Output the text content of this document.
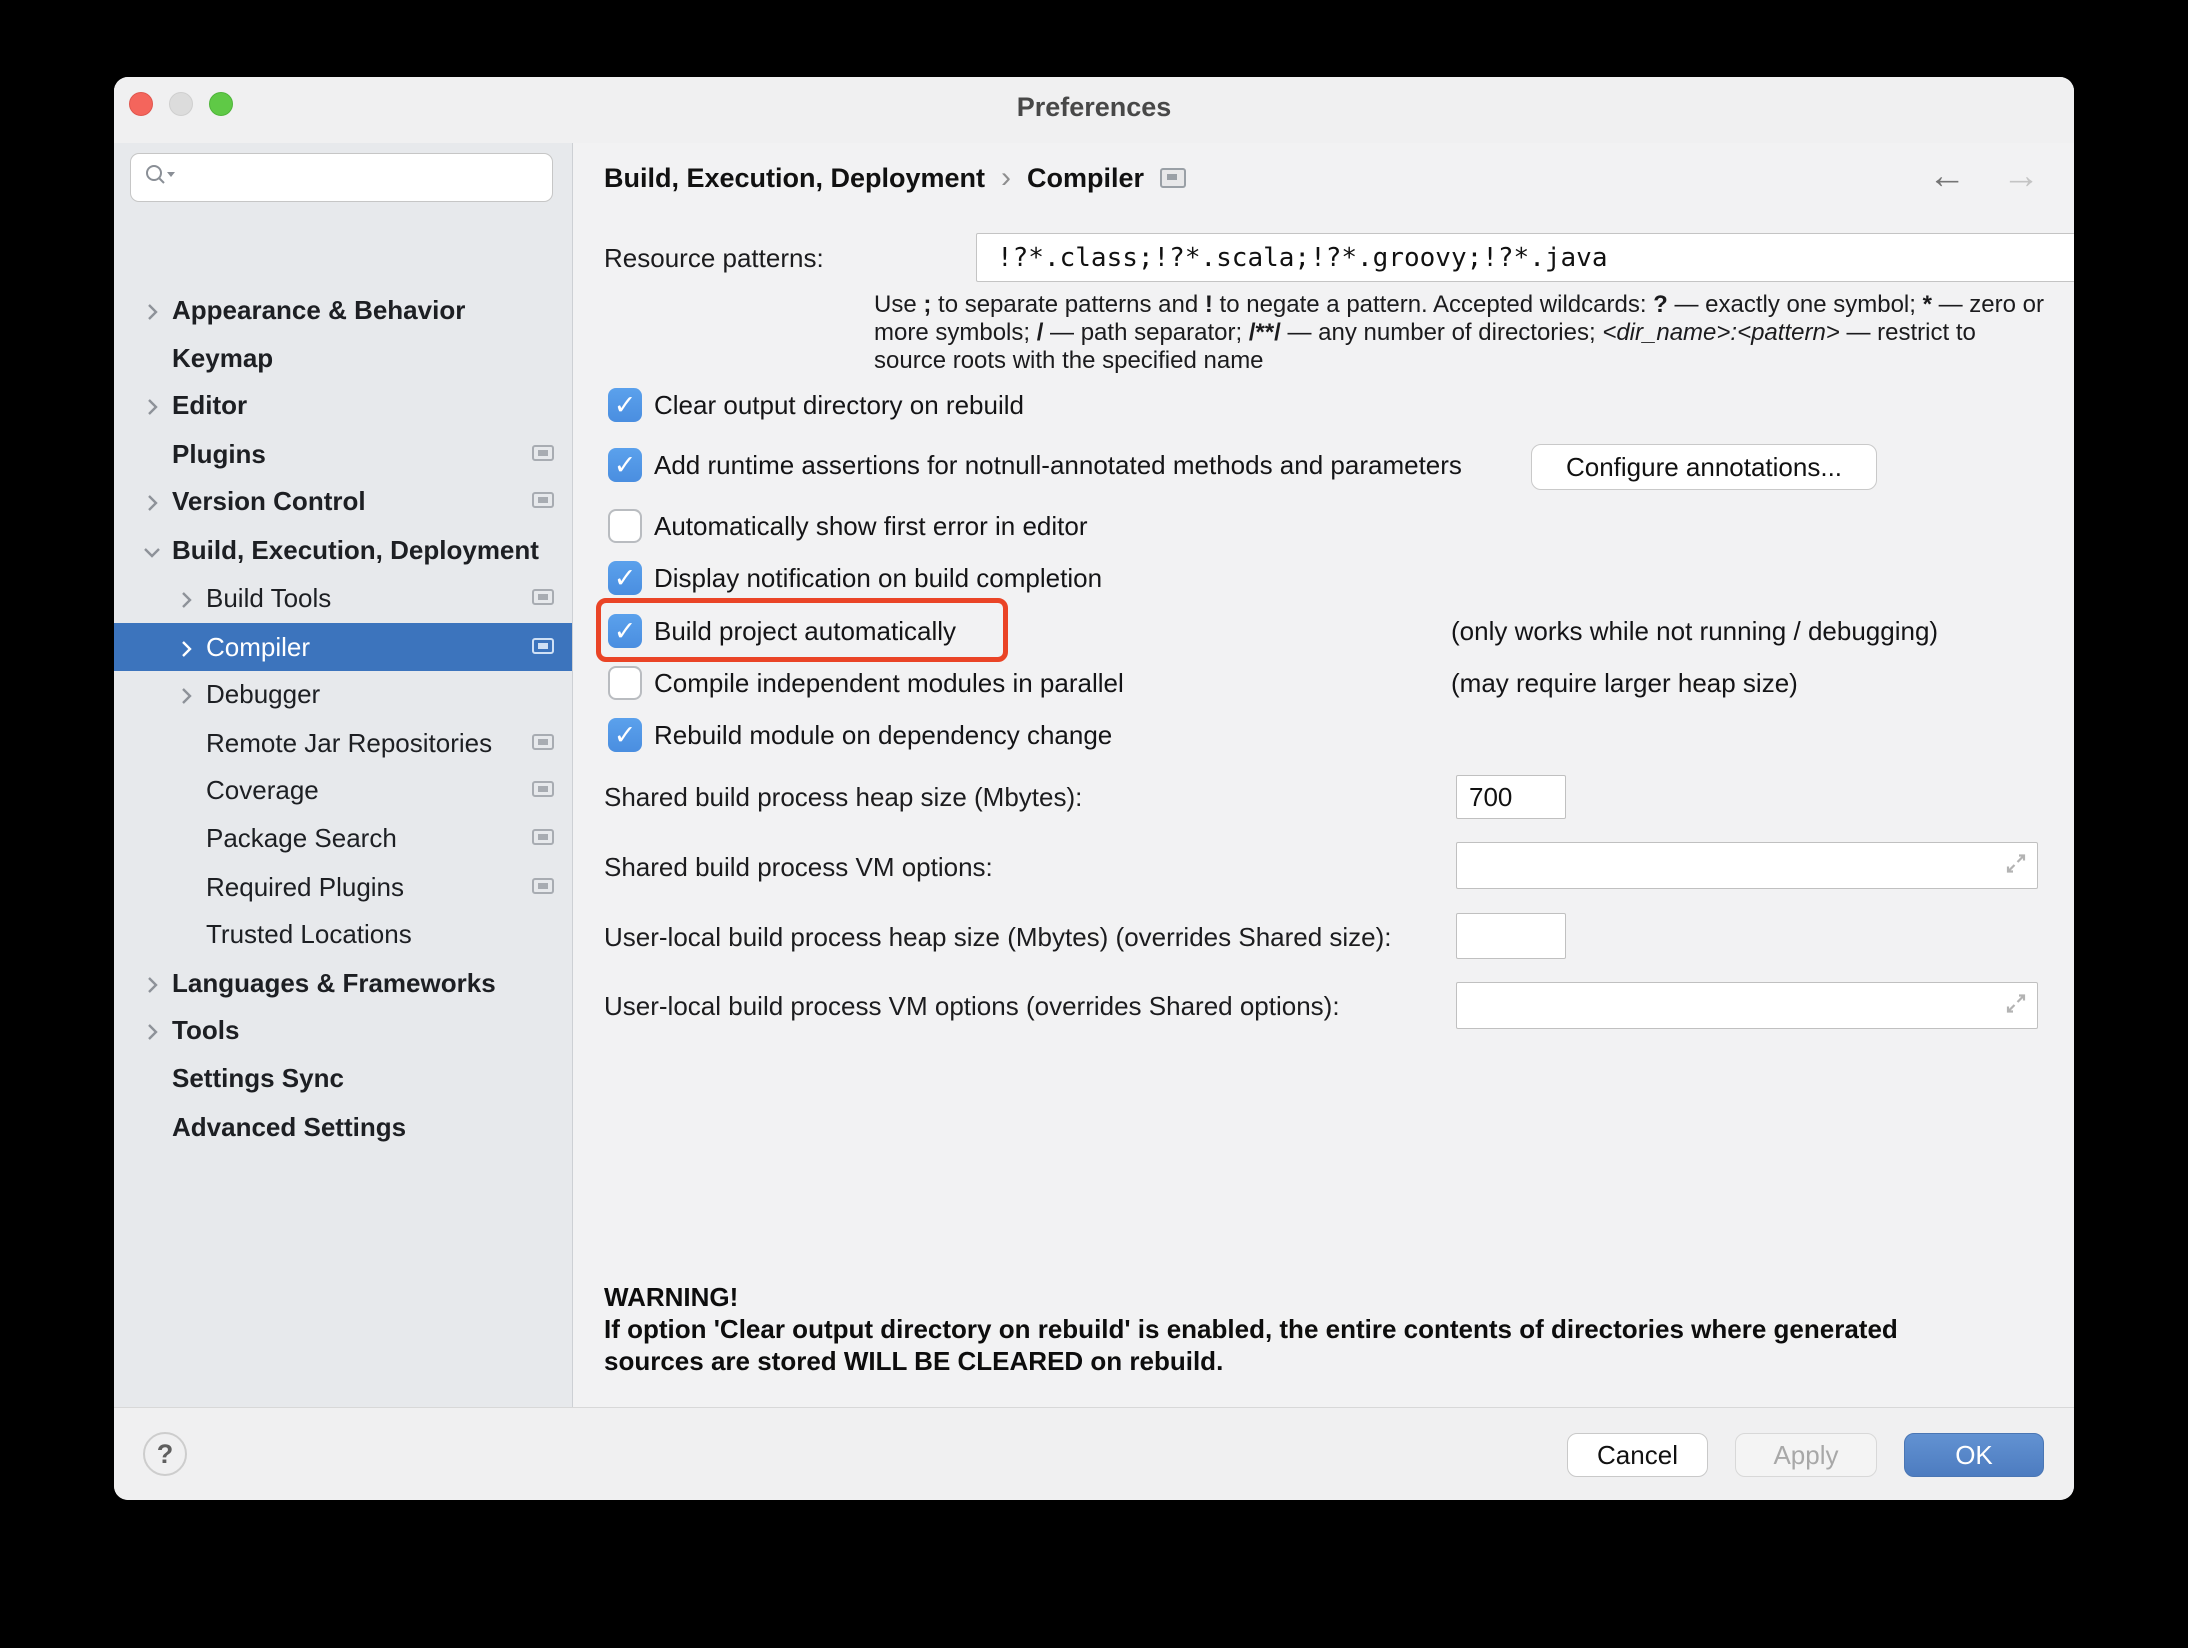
Preferences
Appearance & Behavior
Keymap
Editor
Plugins
Version Control
Build, Execution, Deployment
Build Tools
Compiler
Debugger
Remote Jar Repositories
Coverage
Package Search
Required Plugins
Trusted Locations
Languages & Frameworks
Tools
Settings Sync
Advanced Settings
Build, Execution, Deployment › Compiler	← →
Resource patterns:
!?*.class;!?*.scala;!?*.groovy;!?*.java
Use ; to separate patterns and ! to negate a pattern. Accepted wildcards: ? — exactly one symbol; * — zero or
more symbols; / — path separator; /**/ — any number of directories; <dir_name>:<pattern> — restrict to
source roots with the specified name
✓ Clear output directory on rebuild
✓ Add runtime assertions for notnull-annotated methods and parameters	Configure annotations...
Automatically show first error in editor
✓ Display notification on build completion
✓ Build project automatically	(only works while not running / debugging)
Compile independent modules in parallel	(may require larger heap size)
✓ Rebuild module on dependency change
Shared build process heap size (Mbytes):
700
Shared build process VM options:
User-local build process heap size (Mbytes) (overrides Shared size):
User-local build process VM options (overrides Shared options):
WARNING!
If option 'Clear output directory on rebuild' is enabled, the entire contents of directories where generated
sources are stored WILL BE CLEARED on rebuild.
?	Cancel	Apply	OK
